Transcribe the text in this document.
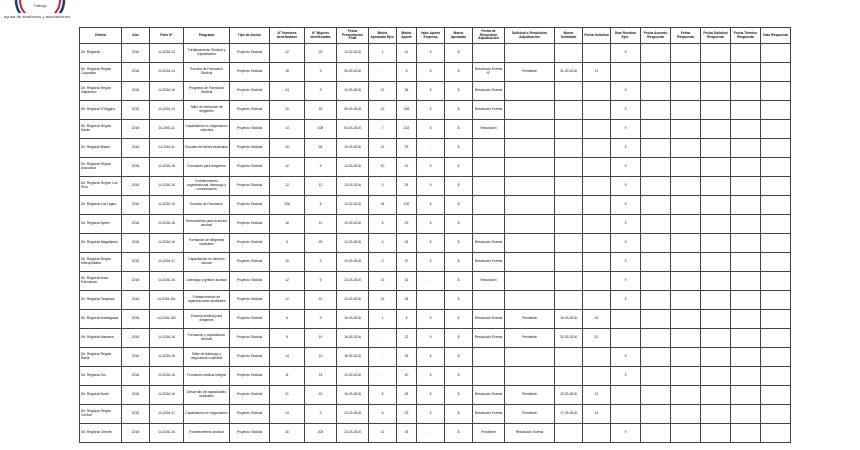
Trabajo
ayuda de sindicatos y asociaciones
Oficina	Año	Folio N°	Programa	Tipo de Acción	N° Hombres beneficiados	N° Mujeres beneficiadas	Fecha Presentación Final	Monto Aprobado Ejec.	Monto Aporte	Valor Aporte Empresa	Monto Aprobado	Fecha de Resolución Adjudicación	Solicitud o Resolución Adjudicación	Monto Solicitado	Fecha Solicitud	Días Revisión Ejec.	Fecha Acuerdo Respuesta	Fecha Respuesta	Fecha Solicitud Respuesta	Fecha Término Respuesta	Días Respuesta
Dir. Regional ...	2016	14-2016-12	Fortalecimiento Sindical y Capacitación	Proyecto Sindical	12	25	13-03-2016	1	41	9	$					9					
Dir. Regional Región Coquimbo	2016	14-2016-14	Escuela de Formación Sindical	Proyecto Sindical	18	9	26-03-2016	-	9	9	$	Resolución Exenta N°	Pendiente	31-03-2016	12						
Dir. Regional Región Valparaíso	2016	14-2016-16	Programa de Formación Sindical	Proyecto Sindical	24	9	10-03-2016	12	36	9	$	Resolución Exenta				9					
Dir. Regional O'Higgins	2016	14-2016-13	Taller de formación de dirigentes	Proyecto Sindical	20	18	05-03-2016	13	248	5	$	Resolución Exenta				9					
Dir. Regional Región Maule	2016	14-2016-11	Capacitación en negociación colectiva	Proyecto Sindical	14	106	03-03-2016	7	103	5	$	Resolución				9					
Dir. Regional Biobío	2016	14-2016-11	Escuela de líderes sindicales	Proyecto Sindical	15	28	10-03-2016	12	23	-	$					9					
Dir. Regional Región Araucanía	2016	14-2016-18	Formación para dirigentes	Proyecto Sindical	12	5	13-03-2016	10	12	5	$					9					
Dir. Regional Región Los Ríos	2016	14-2016-15	Fortalecimiento organizacional, liderazgo y comunicación	Proyecto Sindical	12	12	13-03-2016	3	25	5	$					9					
Dir. Regional Los Lagos	2016	14-2016-10	Escuela de Formación	Proyecto Sindical	206	5	13-03-2016	24	102	5	$					9					
Dir. Regional Aysén	2016	14-2016-18	Herramientas para la acción sindical	Proyecto Sindical	16	10	10-03-2016	5	23	5	$					9					
Dir. Regional Magallanes	2016	14-2016-16	Formación de dirigentes sindicales	Proyecto Sindical	3	25	13-03-2016	3	24	5	$	Resolución Exenta				9					
Dir. Regional Región Metropolitana	2016	14-2016-17	Capacitación en derecho laboral	Proyecto Sindical	10	9	10-03-2016	3	27	5	$	Resolución Exenta				9					
Dir. Regional Arica Parinacota	2016	14-2016-16	Liderazgo y gestión sindical	Proyecto Sindical	12	9	13-03-2016	13	16	-	$	Resolución				9					
Dir. Regional Tarapacá	2016	14-2016-161	Fortalecimiento de organizaciones sindicales	Proyecto Sindical	12	10	13-03-2016	15	28		$					9					
Dir. Regional Antofagasta	2016	14-2016-162	Escuela sindical para dirigentes	Proyecto Sindical	6	9	15-03-2016	1	6	5	$	Resolución Exenta	Pendiente	15-03-2016	15						
Dir. Regional Atacama	2016	14-2016-16	Formación y capacitación sindical	Proyecto Sindical	9	10	16-03-2016	-	22	5	$	Resolución Exenta	Pendiente	22-03-2016	12						
Dir. Regional Región Ñuble	2016	14-2016-16	Taller de liderazgo y negociación colectiva	Proyecto Sindical	14	10	16-03-2016	-	25	5	$					9					
Dir. Regional Sur	2016	14-2016-16	Formación sindical integral	Proyecto Sindical	11	24	13-03-2016	-	20	5	$					9					
Dir. Regional Norte	2016	14-2016-16	Desarrollo de capacidades sindicales	Proyecto Sindical	21	22	16-03-2016	5	25	5	$	Resolución Exenta	Pendiente	22-03-2016	12						
Dir. Regional Región Central	2016	14-2016-17	Capacitación en negociación	Proyecto Sindical	14	9	13-03-2016	6	23	5	$	Resolución Exenta	Pendiente	17-03-2016	14						
Dir. Regional Oriente	2016	14-2016-16	Fortalecimiento sindical	Proyecto Sindical	16	203	13-03-2016	12	25	-	$	Pendiente	Resolución Exenta			9					
